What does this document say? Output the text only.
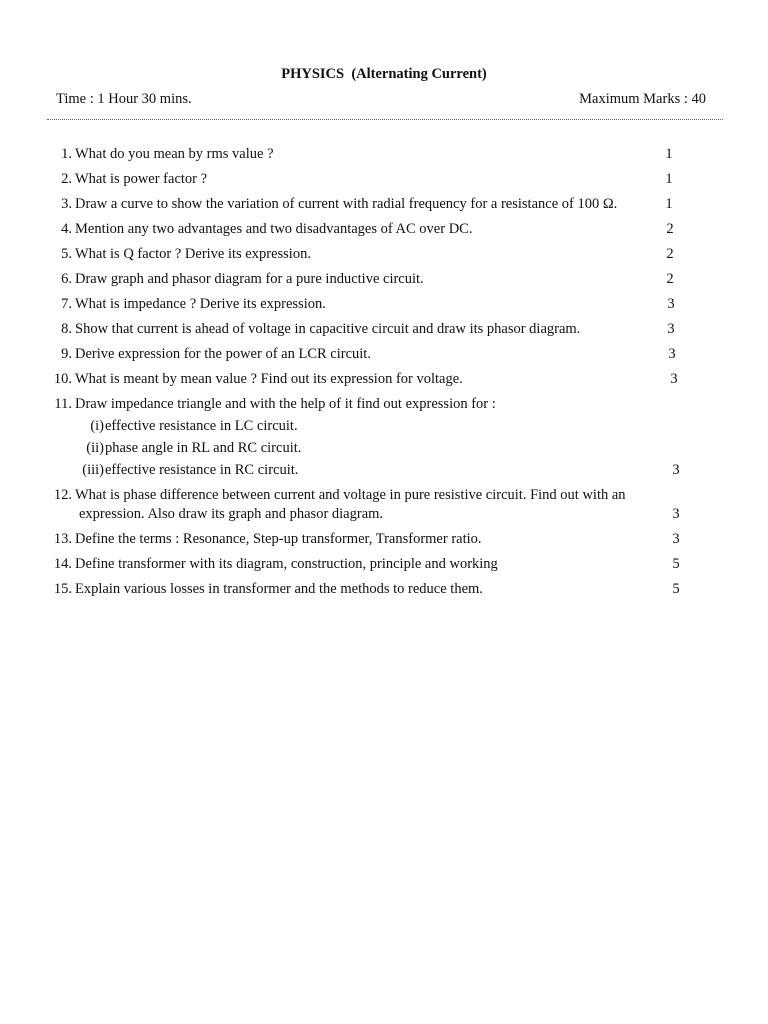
PHYSICS  (Alternating Current)
Time : 1 Hour 30 mins.	Maximum Marks : 40
1. What do you mean by rms value ?	1
2. What is power factor ?	1
3. Draw a curve to show the variation of current with radial frequency for a resistance of 100 Ω.	1
4. Mention any two advantages and two disadvantages of AC over DC.	2
5. What is Q factor ? Derive its expression.	2
6. Draw graph and phasor diagram for a pure inductive circuit.	2
7. What is impedance ? Derive its expression.	3
8. Show that current is ahead of voltage in capacitive circuit and draw its phasor diagram.	3
9. Derive expression for the power of an LCR circuit.	3
10. What is meant by mean value ? Find out its expression for voltage.	3
11. Draw impedance triangle and with the help of it find out expression for :
(i) effective resistance in LC circuit.
(ii) phase angle in RL and RC circuit.
(iii) effective resistance in RC circuit.	3
12. What is phase difference between current and voltage in pure resistive circuit. Find out with an
expression. Also draw its graph and phasor diagram.	3
13. Define the terms : Resonance, Step-up transformer, Transformer ratio.	3
14. Define transformer with its diagram, construction, principle and working	5
15. Explain various losses in transformer and the methods to reduce them.	5
